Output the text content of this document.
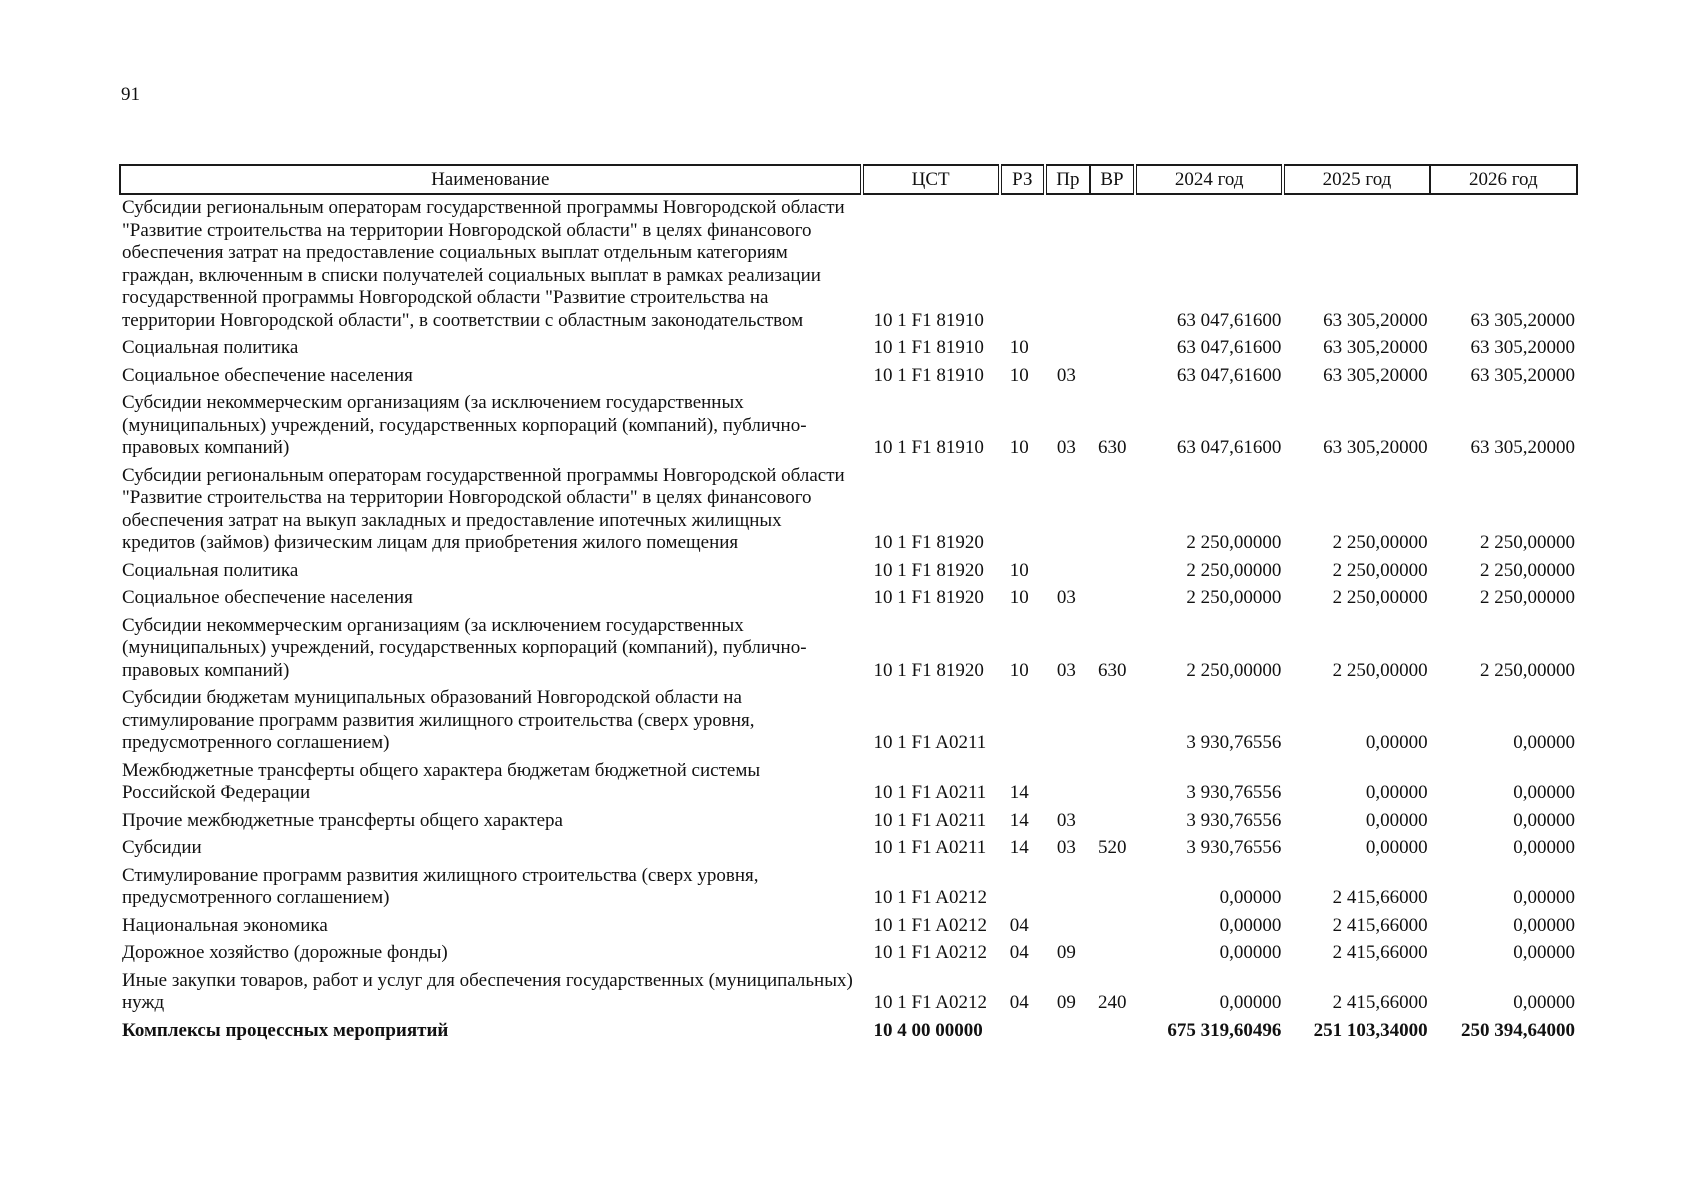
91
Наименование	ЦСТ	РЗ	Пр	ВР	2024 год	2025 год	2026 год
Субсидии региональным операторам государственной программы Новгородской области "Развитие строительства на территории Новгородской области" в целях финансового обеспечения затрат на предоставление социальных выплат отдельным категориям граждан, включенным в списки получателей социальных выплат в рамках реализации государственной программы Новгородской области "Развитие строительства на территории Новгородской области", в соответствии с областным законодательством	10 1 F1 81910				63 047,61600	63 305,20000	63 305,20000
Социальная политика	10 1 F1 81910	10			63 047,61600	63 305,20000	63 305,20000
Социальное обеспечение населения	10 1 F1 81910	10	03		63 047,61600	63 305,20000	63 305,20000
Субсидии некоммерческим организациям (за исключением государственных (муниципальных) учреждений, государственных корпораций (компаний), публично-правовых компаний)	10 1 F1 81910	10	03	630	63 047,61600	63 305,20000	63 305,20000
Субсидии региональным операторам государственной программы Новгородской области "Развитие строительства на территории Новгородской области" в целях финансового обеспечения затрат на выкуп закладных и предоставление ипотечных жилищных кредитов (займов) физическим лицам для приобретения жилого помещения	10 1 F1 81920				2 250,00000	2 250,00000	2 250,00000
Социальная политика	10 1 F1 81920	10			2 250,00000	2 250,00000	2 250,00000
Социальное обеспечение населения	10 1 F1 81920	10	03		2 250,00000	2 250,00000	2 250,00000
Субсидии некоммерческим организациям (за исключением государственных (муниципальных) учреждений, государственных корпораций (компаний), публично-правовых компаний)	10 1 F1 81920	10	03	630	2 250,00000	2 250,00000	2 250,00000
Субсидии бюджетам муниципальных образований Новгородской области на стимулирование программ развития жилищного строительства (сверх уровня, предусмотренного соглашением)	10 1 F1 A0211				3 930,76556	0,00000	0,00000
Межбюджетные трансферты общего характера бюджетам бюджетной системы Российской Федерации	10 1 F1 A0211	14			3 930,76556	0,00000	0,00000
Прочие межбюджетные трансферты общего характера	10 1 F1 A0211	14	03		3 930,76556	0,00000	0,00000
Субсидии	10 1 F1 A0211	14	03	520	3 930,76556	0,00000	0,00000
Стимулирование программ развития жилищного строительства (сверх уровня, предусмотренного соглашением)	10 1 F1 A0212				0,00000	2 415,66000	0,00000
Национальная экономика	10 1 F1 A0212	04			0,00000	2 415,66000	0,00000
Дорожное хозяйство (дорожные фонды)	10 1 F1 A0212	04	09		0,00000	2 415,66000	0,00000
Иные закупки товаров, работ и услуг для обеспечения государственных (муниципальных) нужд	10 1 F1 A0212	04	09	240	0,00000	2 415,66000	0,00000
Комплексы процессных мероприятий	10 4 00 00000				675 319,60496	251 103,34000	250 394,64000
